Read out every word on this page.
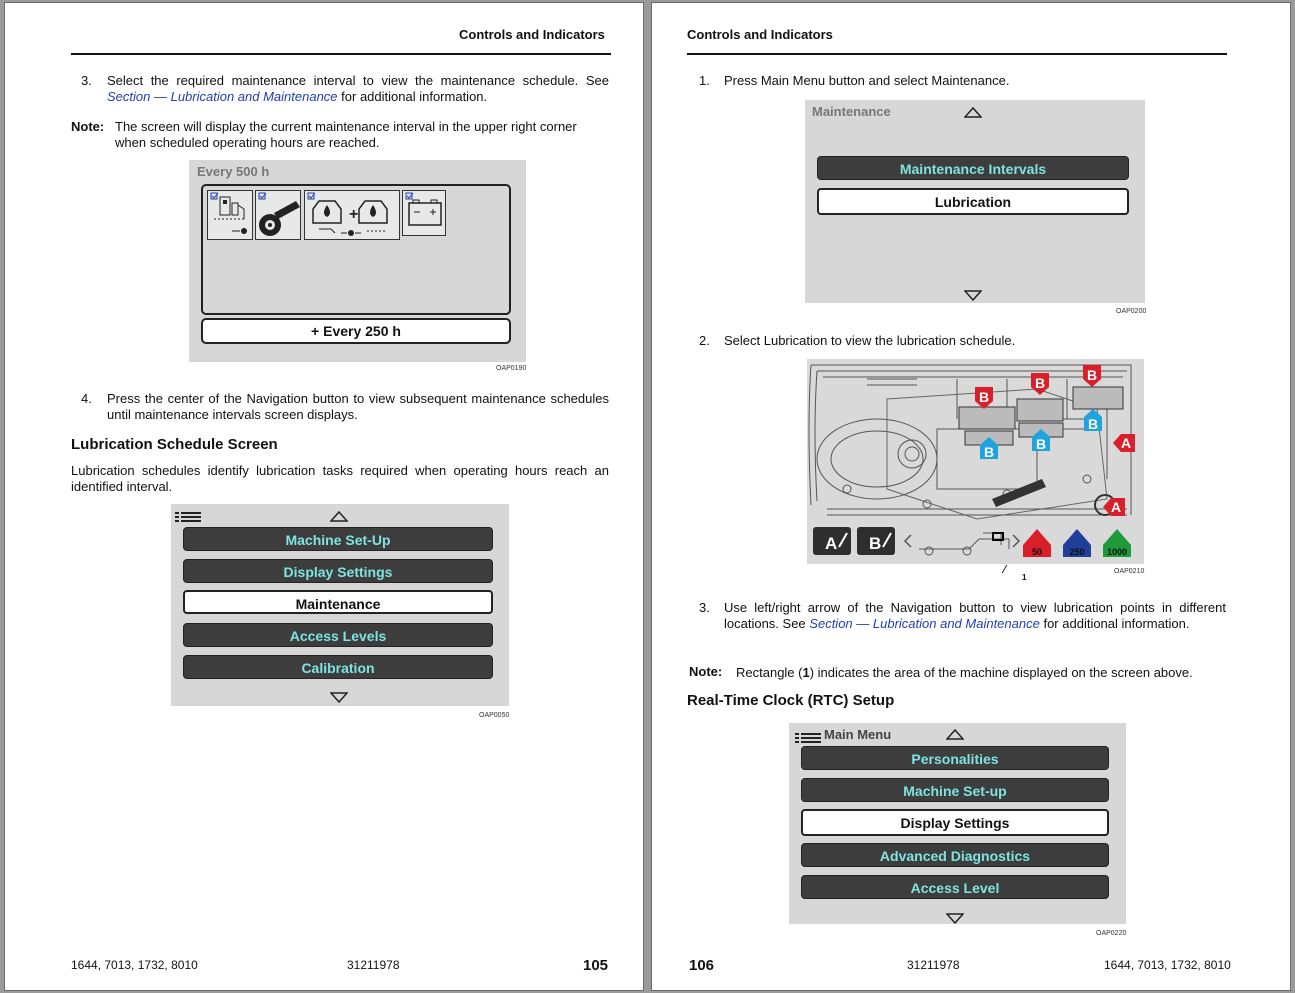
Controls and Indicators
3. Select the required maintenance interval to view the maintenance schedule. See Section — Lubrication and Maintenance for additional information.
Note: The screen will display the current maintenance interval in the upper right corner when scheduled operating hours are reached.
Every 500 h
+
+ Every 250 h
OAP0190
4. Press the center of the Navigation button to view subsequent maintenance schedules until maintenance intervals screen displays.
Lubrication Schedule Screen
Lubrication schedules identify lubrication tasks required when operating hours reach an identified interval.
Machine Set-Up
Display Settings
Maintenance
Access Levels
Calibration
OAP0050
1644, 7013, 1732, 8010	31211978	105
Controls and Indicators
1. Press Main Menu button and select Maintenance.
Maintenance
Maintenance Intervals
Lubrication
OAP0200
2. Select Lubrication to view the lubrication schedule.
B
B	B
B	B
B
A
A
A B	50	250 1000
1
OAP0210
3. Use left/right arrow of the Navigation button to view lubrication points in different locations. See Section — Lubrication and Maintenance for additional information.
Note: Rectangle (1) indicates the area of the machine displayed on the screen above.
Real-Time Clock (RTC) Setup
Main Menu
Personalities
Machine Set-up
Display Settings
Advanced Diagnostics
Access Level
OAP0220
106	31211978	1644, 7013, 1732, 8010
